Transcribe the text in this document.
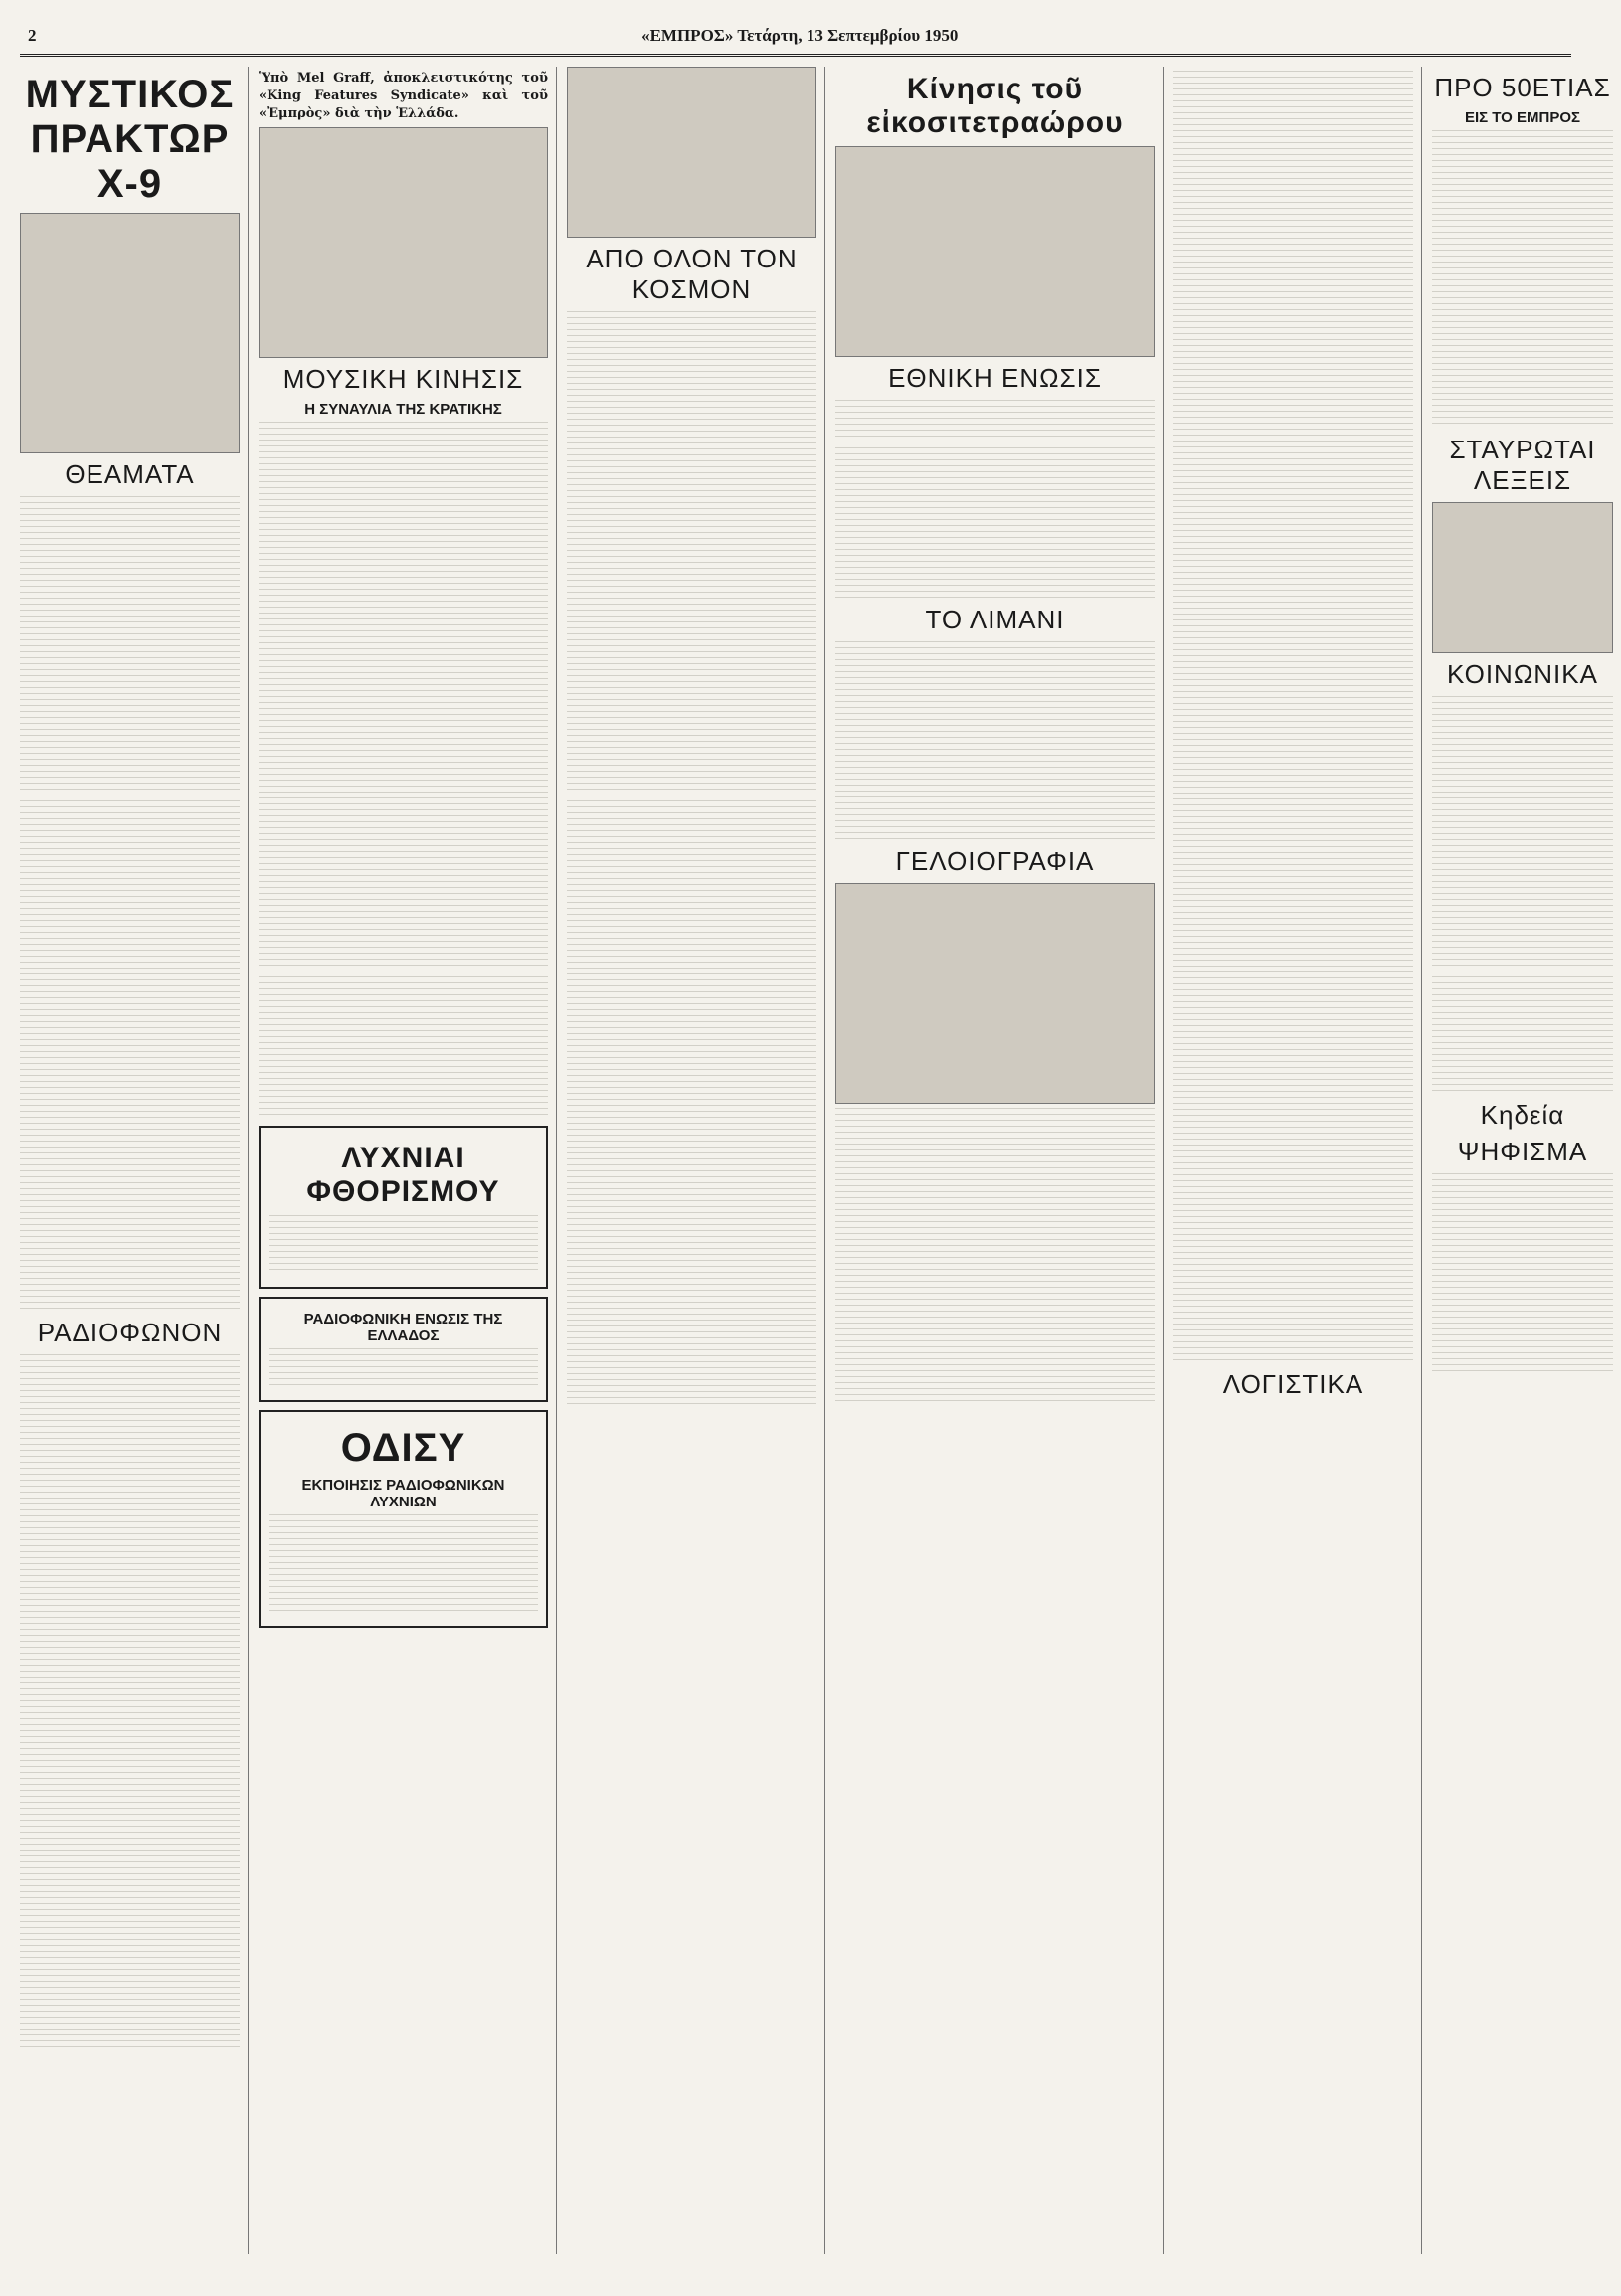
2	«ΕΜΠΡΟΣ» Τετάρτη, 13 Σεπτεμβρίου 1950
ΜΥΣΤΙΚΟΣ ΠΡΑΚΤΩΡ Χ-9
ΘΕΑΜΑΤΑ
ΡΑΔΙΟΦΩΝΟΝ
Ὑπὸ Mel Graff, ἀποκλειστικότης τοῦ «King Features Syndicate» καὶ τοῦ «Ἐμπρὸς» διὰ τὴν Ἑλλάδα.
ΜΟΥΣΙΚΗ ΚΙΝΗΣΙΣ
Η ΣΥΝΑΥΛΙΑ ΤΗΣ ΚΡΑΤΙΚΗΣ
ΛΥΧΝΙΑΙ ΦΘΟΡΙΣΜΟΥ
ΡΑΔΙΟΦΩΝΙΚΗ ΕΝΩΣΙΣ ΤΗΣ ΕΛΛΑΔΟΣ
ΟΔΙΣΥ
ΕΚΠΟΙΗΣΙΣ ΡΑΔΙΟΦΩΝΙΚΩΝ ΛΥΧΝΙΩΝ
ΑΠΟ ΟΛΟΝ ΤΟΝ ΚΟΣΜΟΝ
Κίνησις τοῦ εἰκοσιτετραώρου
ΕΘΝΙΚΗ ΕΝΩΣΙΣ
ΤΟ ΛΙΜΑΝΙ
ΓΕΛΟΙΟΓΡΑΦΙΑ
ΛΟΓΙΣΤΙΚΑ
ΠΡΟ 50ΕΤΙΑΣ
ΕΙΣ ΤΟ ΕΜΠΡΟΣ
ΣΤΑΥΡΩΤΑΙ ΛΕΞΕΙΣ
ΚΟΙΝΩΝΙΚΑ
Κηδεία
ΨΗΦΙΣΜΑ
